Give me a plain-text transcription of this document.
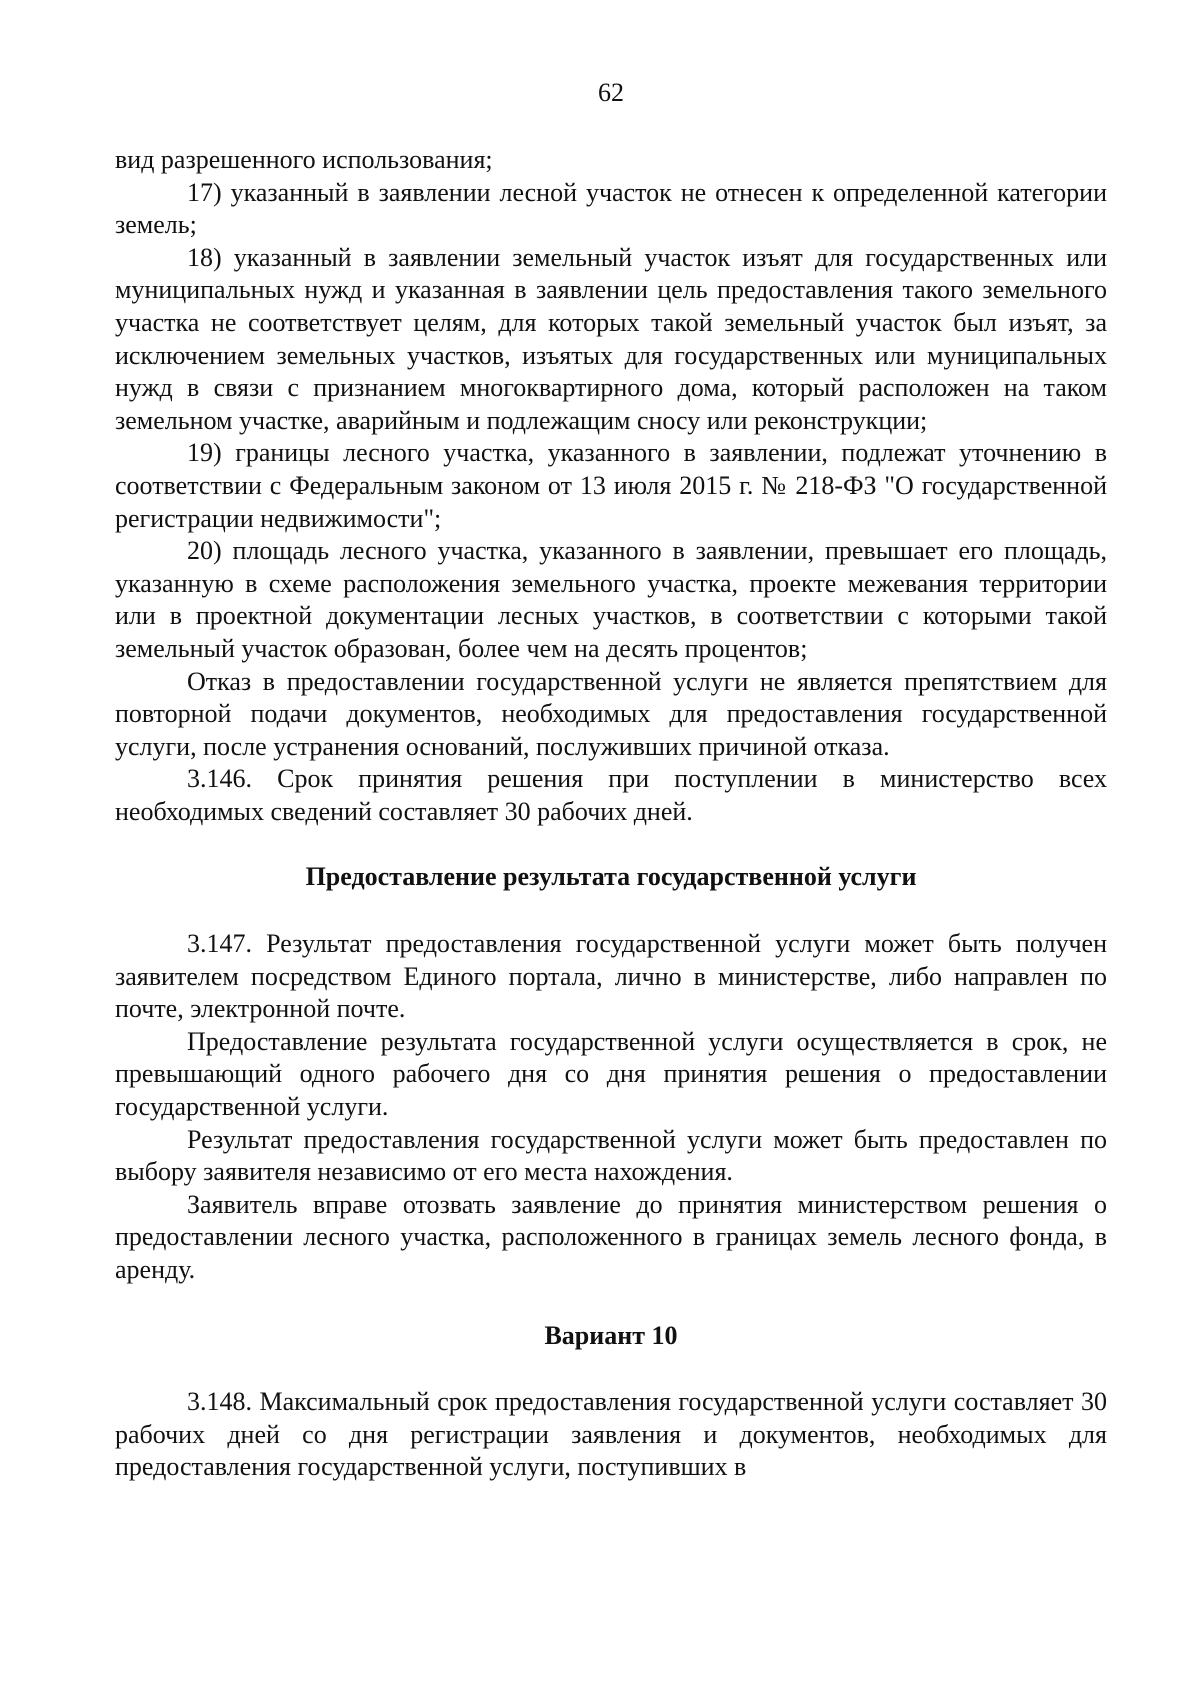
62

вид разрешенного использования;

17) указанный в заявлении лесной участок не отнесен к определенной категории земель;

18) указанный в заявлении земельный участок изъят для государственных или муниципальных нужд и указанная в заявлении цель предоставления такого земельного участка не соответствует целям, для которых такой земельный участок был изъят, за исключением земельных участков, изъятых для государственных или муниципальных нужд в связи с признанием многоквартирного дома, который расположен на таком земельном участке, аварийным и подлежащим сносу или реконструкции;

19) границы лесного участка, указанного в заявлении, подлежат уточнению в соответствии с Федеральным законом от 13 июля 2015 г. № 218-ФЗ "О государственной регистрации недвижимости";

20) площадь лесного участка, указанного в заявлении, превышает его площадь, указанную в схеме расположения земельного участка, проекте межевания территории или в проектной документации лесных участков, в соответствии с которыми такой земельный участок образован, более чем на десять процентов;

Отказ в предоставлении государственной услуги не является препятствием для повторной подачи документов, необходимых для предоставления государственной услуги, после устранения оснований, послуживших причиной отказа.

3.146. Срок принятия решения при поступлении в министерство всех необходимых сведений составляет 30 рабочих дней.

Предоставление результата государственной услуги

3.147. Результат предоставления государственной услуги может быть получен заявителем посредством Единого портала, лично в министерстве, либо направлен по почте, электронной почте.

Предоставление результата государственной услуги осуществляется в срок, не превышающий одного рабочего дня со дня принятия решения о предоставлении государственной услуги.

Результат предоставления государственной услуги может быть предоставлен по выбору заявителя независимо от его места нахождения.

Заявитель вправе отозвать заявление до принятия министерством решения о предоставлении лесного участка, расположенного в границах земель лесного фонда, в аренду.

Вариант 10

3.148. Максимальный срок предоставления государственной услуги составляет 30 рабочих дней со дня регистрации заявления и документов, необходимых для предоставления государственной услуги, поступивших в
